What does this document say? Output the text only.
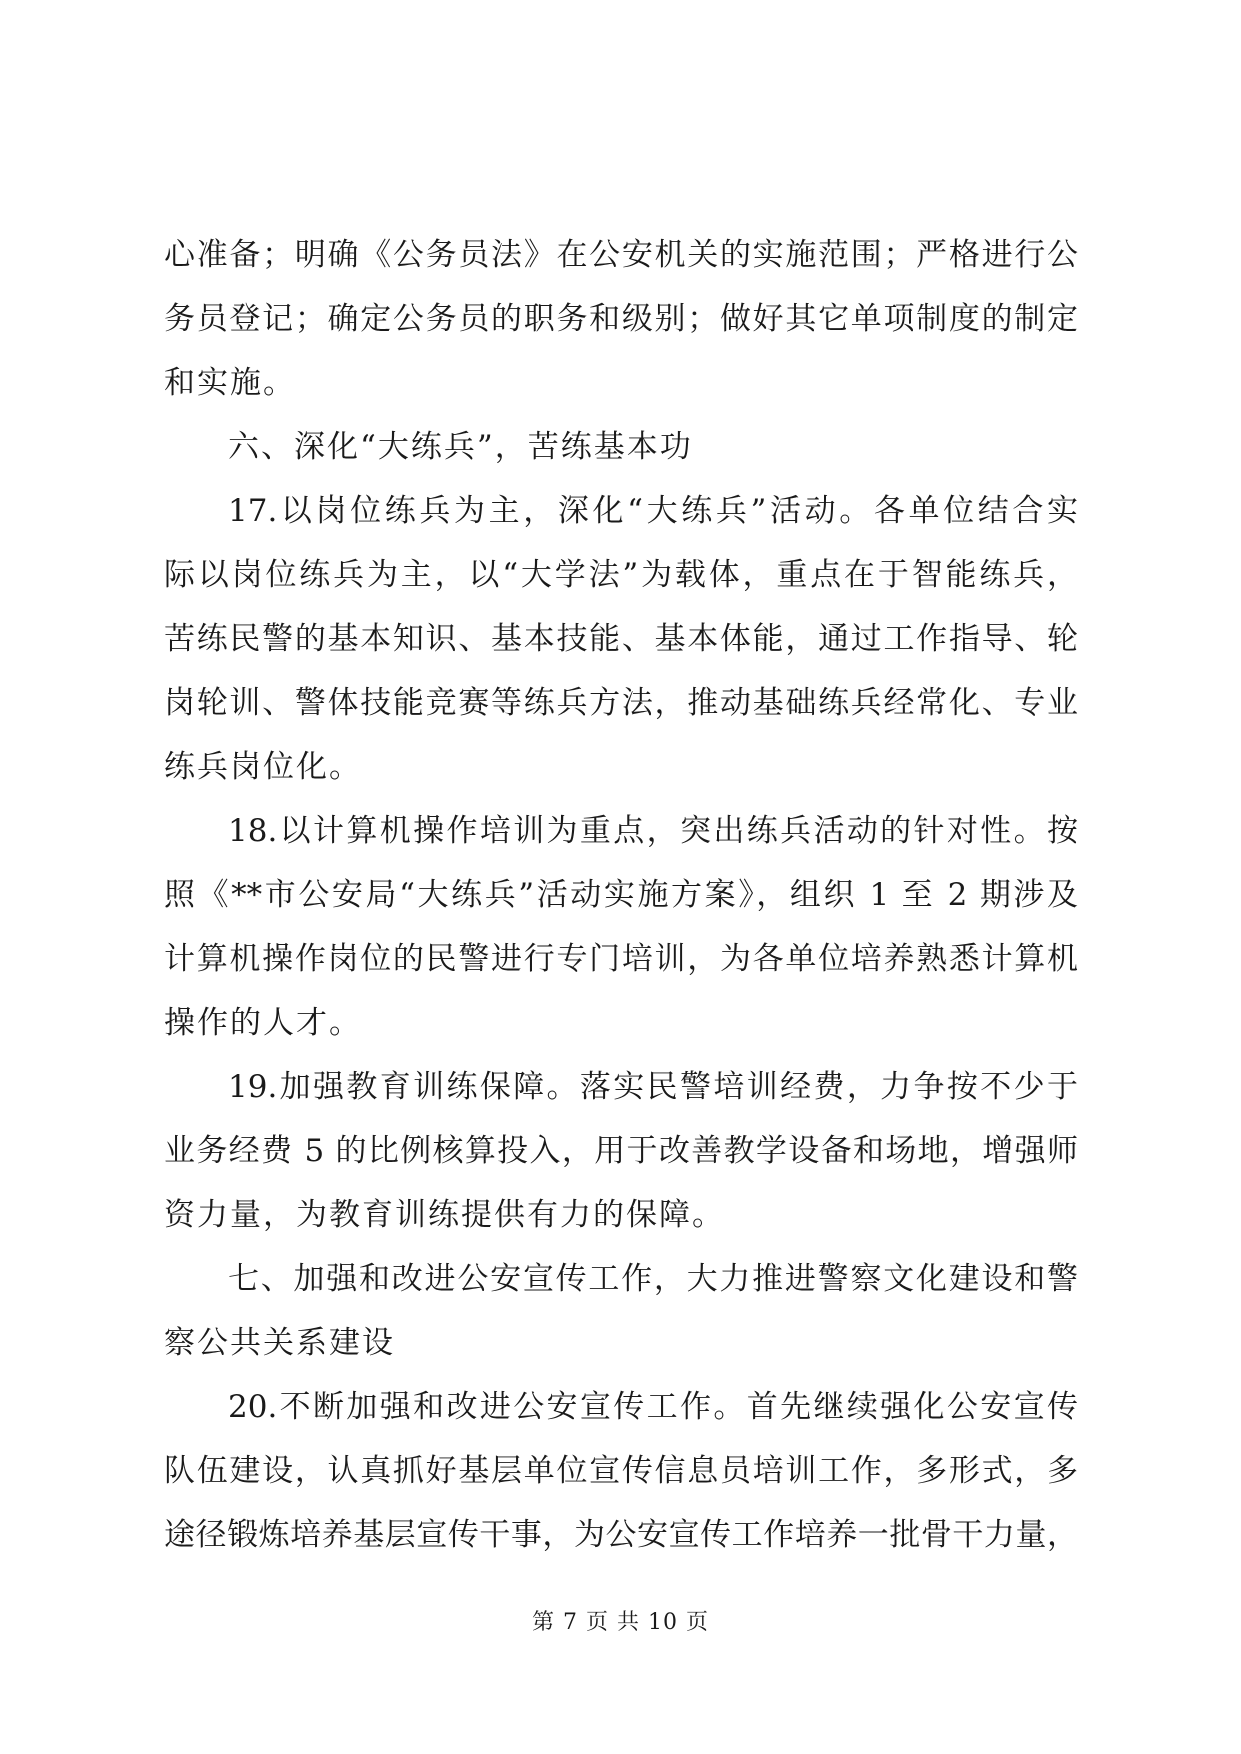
心准备；明确《公务员法》在公安机关的实施范围；严格进行公
务员登记；确定公务员的职务和级别；做好其它单项制度的制定
和实施。
六、深化“大练兵”，苦练基本功
17.以岗位练兵为主，深化“大练兵”活动。各单位结合实
际以岗位练兵为主，以“大学法”为载体，重点在于智能练兵，
苦练民警的基本知识、基本技能、基本体能，通过工作指导、轮
岗轮训、警体技能竞赛等练兵方法，推动基础练兵经常化、专业
练兵岗位化。
18.以计算机操作培训为重点，突出练兵活动的针对性。按
照《**市公安局“大练兵”活动实施方案》，组织 1 至 2 期涉及
计算机操作岗位的民警进行专门培训，为各单位培养熟悉计算机
操作的人才。
19.加强教育训练保障。落实民警培训经费，力争按不少于
业务经费 5 的比例核算投入，用于改善教学设备和场地，增强师
资力量，为教育训练提供有力的保障。
七、加强和改进公安宣传工作，大力推进警察文化建设和警
察公共关系建设
20.不断加强和改进公安宣传工作。首先继续强化公安宣传
队伍建设，认真抓好基层单位宣传信息员培训工作，多形式，多
途径锻炼培养基层宣传干事，为公安宣传工作培养一批骨干力量，
第 7 页 共 10 页
